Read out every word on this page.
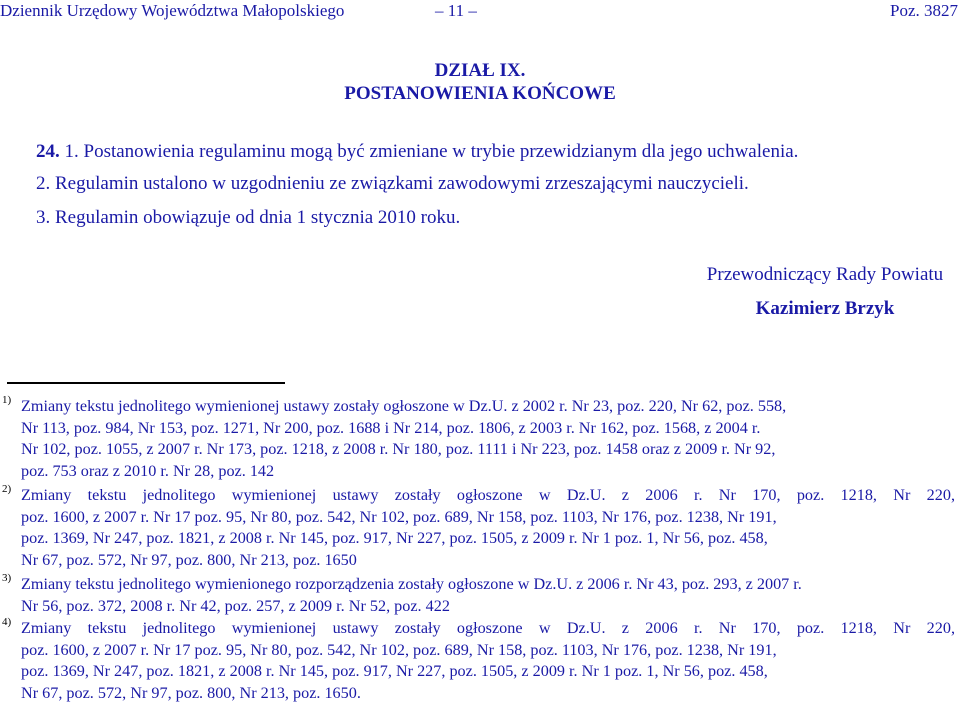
Dziennik Urzędowy Województwa Małopolskiego	– 11 –	Poz. 3827
DZIAŁ IX.
POSTANOWIENIA KOŃCOWE
24. 1. Postanowienia regulaminu mogą być zmieniane w trybie przewidzianym dla jego uchwalenia.
2. Regulamin ustalono w uzgodnieniu ze związkami zawodowymi zrzeszającymi nauczycieli.
3. Regulamin obowiązuje od dnia 1 stycznia 2010 roku.
Przewodniczący Rady Powiatu
Kazimierz Brzyk
1) Zmiany tekstu jednolitego wymienionej ustawy zostały ogłoszone w Dz.U. z 2002 r. Nr 23, poz. 220, Nr 62, poz. 558,
Nr 113, poz. 984, Nr 153, poz. 1271, Nr 200, poz. 1688 i Nr 214, poz. 1806, z 2003 r. Nr 162, poz. 1568, z 2004 r.
Nr 102, poz. 1055, z 2007 r. Nr 173, poz. 1218, z 2008 r. Nr 180, poz. 1111 i Nr 223, poz. 1458 oraz z 2009 r. Nr 92,
poz. 753 oraz z 2010 r. Nr 28, poz. 142
2) Zmiany tekstu jednolitego wymienionej ustawy zostały ogłoszone w Dz.U. z 2006 r. Nr 170, poz. 1218, Nr 220,
poz. 1600, z 2007 r. Nr 17 poz. 95, Nr 80, poz. 542, Nr 102, poz. 689, Nr 158, poz. 1103, Nr 176, poz. 1238, Nr 191,
poz. 1369, Nr 247, poz. 1821, z 2008 r. Nr 145, poz. 917, Nr 227, poz. 1505, z 2009 r. Nr 1 poz. 1, Nr 56, poz. 458,
Nr 67, poz. 572, Nr 97, poz. 800, Nr 213, poz. 1650
3) Zmiany tekstu jednolitego wymienionego rozporządzenia zostały ogłoszone w Dz.U. z 2006 r. Nr 43, poz. 293, z 2007 r.
Nr 56, poz. 372, 2008 r. Nr 42, poz. 257, z 2009 r. Nr 52, poz. 422
4) Zmiany tekstu jednolitego wymienionej ustawy zostały ogłoszone w Dz.U. z 2006 r. Nr 170, poz. 1218, Nr 220,
poz. 1600, z 2007 r. Nr 17 poz. 95, Nr 80, poz. 542, Nr 102, poz. 689, Nr 158, poz. 1103, Nr 176, poz. 1238, Nr 191,
poz. 1369, Nr 247, poz. 1821, z 2008 r. Nr 145, poz. 917, Nr 227, poz. 1505, z 2009 r. Nr 1 poz. 1, Nr 56, poz. 458,
Nr 67, poz. 572, Nr 97, poz. 800, Nr 213, poz. 1650.
